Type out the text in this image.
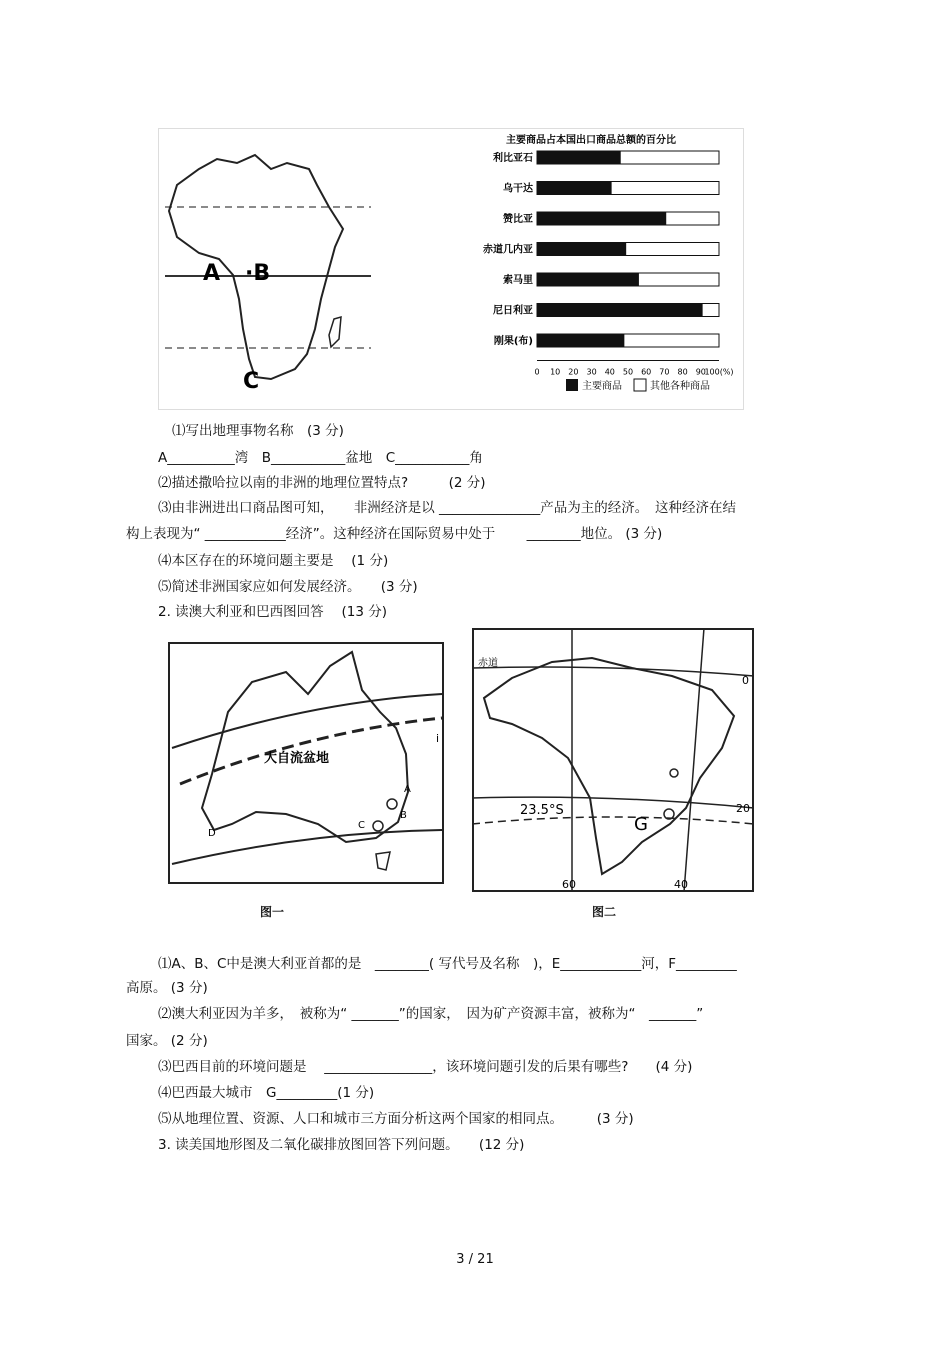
A ·B
C
主要商品占本国出口商品总额的百分比
利比亚石
乌干达
赞比亚
赤道几内亚
索马里
尼日利亚
刚果(布)
0 10 20 30 40 50 60 70 80 90
100(%)
主要商品	其他各种商品
⑴写出地理事物名称　(3 分)
A__________湾　B___________盆地　C___________角
⑵描述撒哈拉以南的非洲的地理位置特点?　　　(2 分)
⑶由非洲进出口商品图可知，　　非洲经济是以 _______________产品为主的经济。　这种经济在结
构上表现为“ ____________经济”。这种经济在国际贸易中处于　　 ________地位。 (3 分)
⑷本区存在的环境问题主要是　 (1 分)
⑸简述非洲国家应如何发展经济。　　(3 分)
2. 读澳大利亚和巴西图回答　 (13 分)
大自流盆地
A
B
C
D
i
图一
赤道
23.5°S
G
60	40
0
20
图二
⑴A、B、C中是澳大利亚首都的是　________( 写代号及名称　)，E____________河，F_________
高原。 (3 分)
⑵澳大利亚因为羊多，　被称为“ _______”的国家，　因为矿产资源丰富，被称为“　_______”
国家。 (2 分)
⑶巴西目前的环境问题是　 ________________，该环境问题引发的后果有哪些?　　(4 分)
⑷巴西最大城市　G_________(1 分)
⑸从地理位置、资源、人口和城市三方面分析这两个国家的相同点。　　　(3 分)
3. 读美国地形图及二氧化碳排放图回答下列问题。　　(12 分)
3 / 21
